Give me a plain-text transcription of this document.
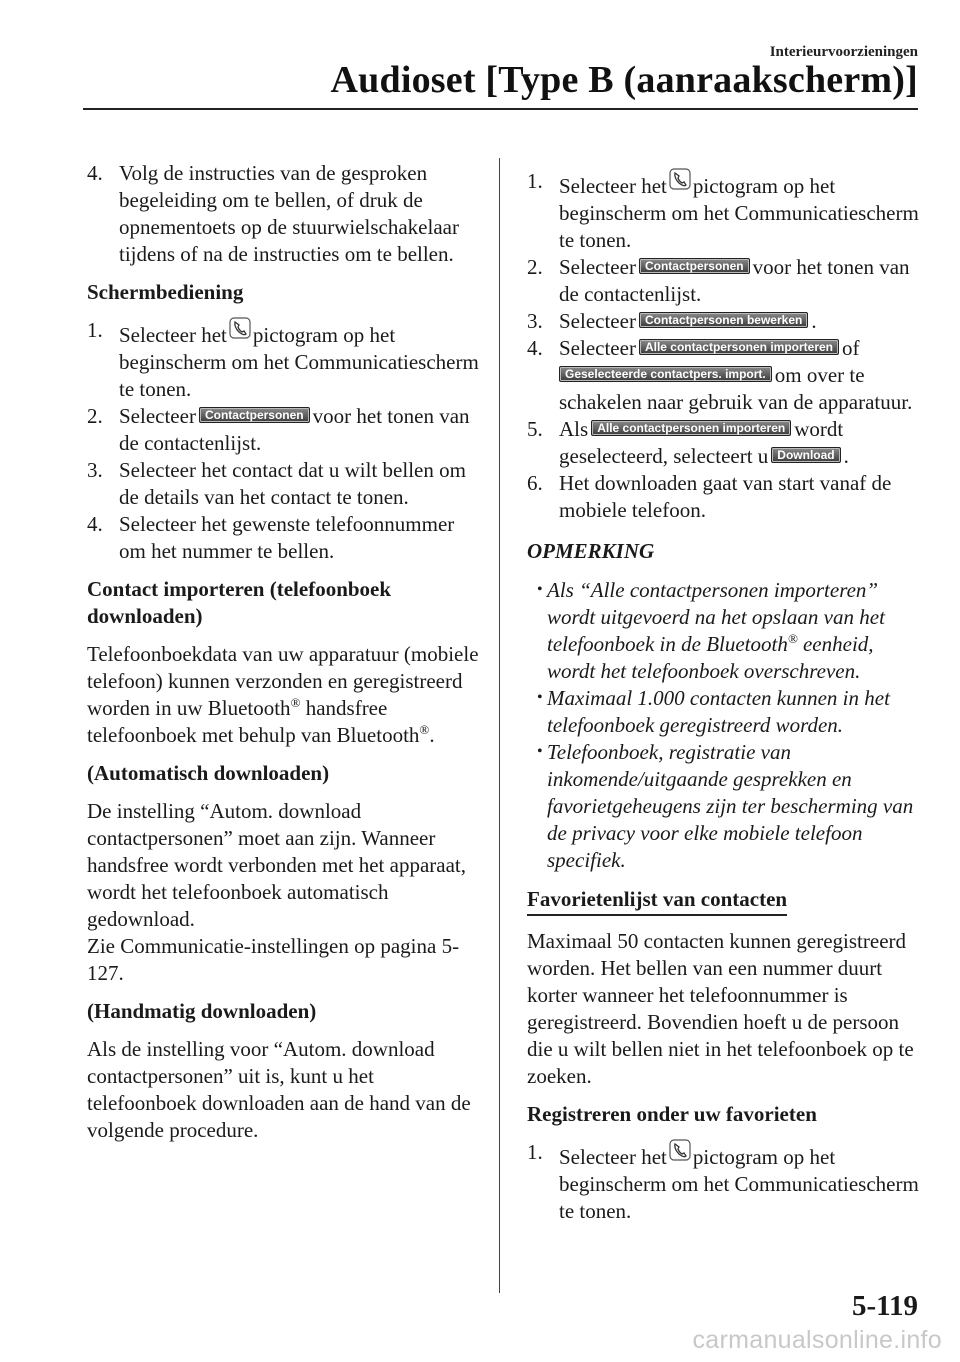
Interieurvoorzieningen
Audioset [Type B (aanraakscherm)]
4. Volg de instructies van de gesproken begeleiding om te bellen, of druk de opnementoets op de stuurwielschakelaar tijdens of na de instructies om te bellen.
Schermbediening
1. Selecteer het pictogram op het beginscherm om het Communicatiescherm te tonen.
2. Selecteer Contactpersonen voor het tonen van de contactenlijst.
3. Selecteer het contact dat u wilt bellen om de details van het contact te tonen.
4. Selecteer het gewenste telefoonnummer om het nummer te bellen.
Contact importeren (telefoonboek downloaden)

Telefoonboekdata van uw apparatuur (mobiele telefoon) kunnen verzonden en geregistreerd worden in uw Bluetooth® handsfree telefoonboek met behulp van Bluetooth®.

(Automatisch downloaden)

De instelling “Autom. download contactpersonen” moet aan zijn. Wanneer handsfree wordt verbonden met het apparaat, wordt het telefoonboek automatisch gedownload.

Zie Communicatie-instellingen op pagina 5-127.

(Handmatig downloaden)

Als de instelling voor “Autom. download contactpersonen” uit is, kunt u het telefoonboek downloaden aan de hand van de volgende procedure.

1. Selecteer het pictogram op het beginscherm om het Communicatiescherm te tonen.
2. Selecteer Contactpersonen voor het tonen van de contactenlijst.
3. Selecteer Contactpersonen bewerken .
4. Selecteer Alle contactpersonen importeren of Geselecteerde contactpers. import. om over te schakelen naar gebruik van de apparatuur.
5. Als Alle contactpersonen importeren wordt geselecteerd, selecteert u Download .
6. Het downloaden gaat van start vanaf de mobiele telefoon.
OPMERKING
• Als “Alle contactpersonen importeren” wordt uitgevoerd na het opslaan van het telefoonboek in de Bluetooth® eenheid, wordt het telefoonboek overschreven.
• Maximaal 1.000 contacten kunnen in het telefoonboek geregistreerd worden.
• Telefoonboek, registratie van inkomende/uitgaande gesprekken en favorietgeheugens zijn ter bescherming van de privacy voor elke mobiele telefoon specifiek.
Favorietenlijst van contacten

Maximaal 50 contacten kunnen geregistreerd worden. Het bellen van een nummer duurt korter wanneer het telefoonnummer is geregistreerd. Bovendien hoeft u de persoon die u wilt bellen niet in het telefoonboek op te zoeken.

Registreren onder uw favorieten
1. Selecteer het pictogram op het beginscherm om het Communicatiescherm te tonen.
5-119
carmanualsonline.info
